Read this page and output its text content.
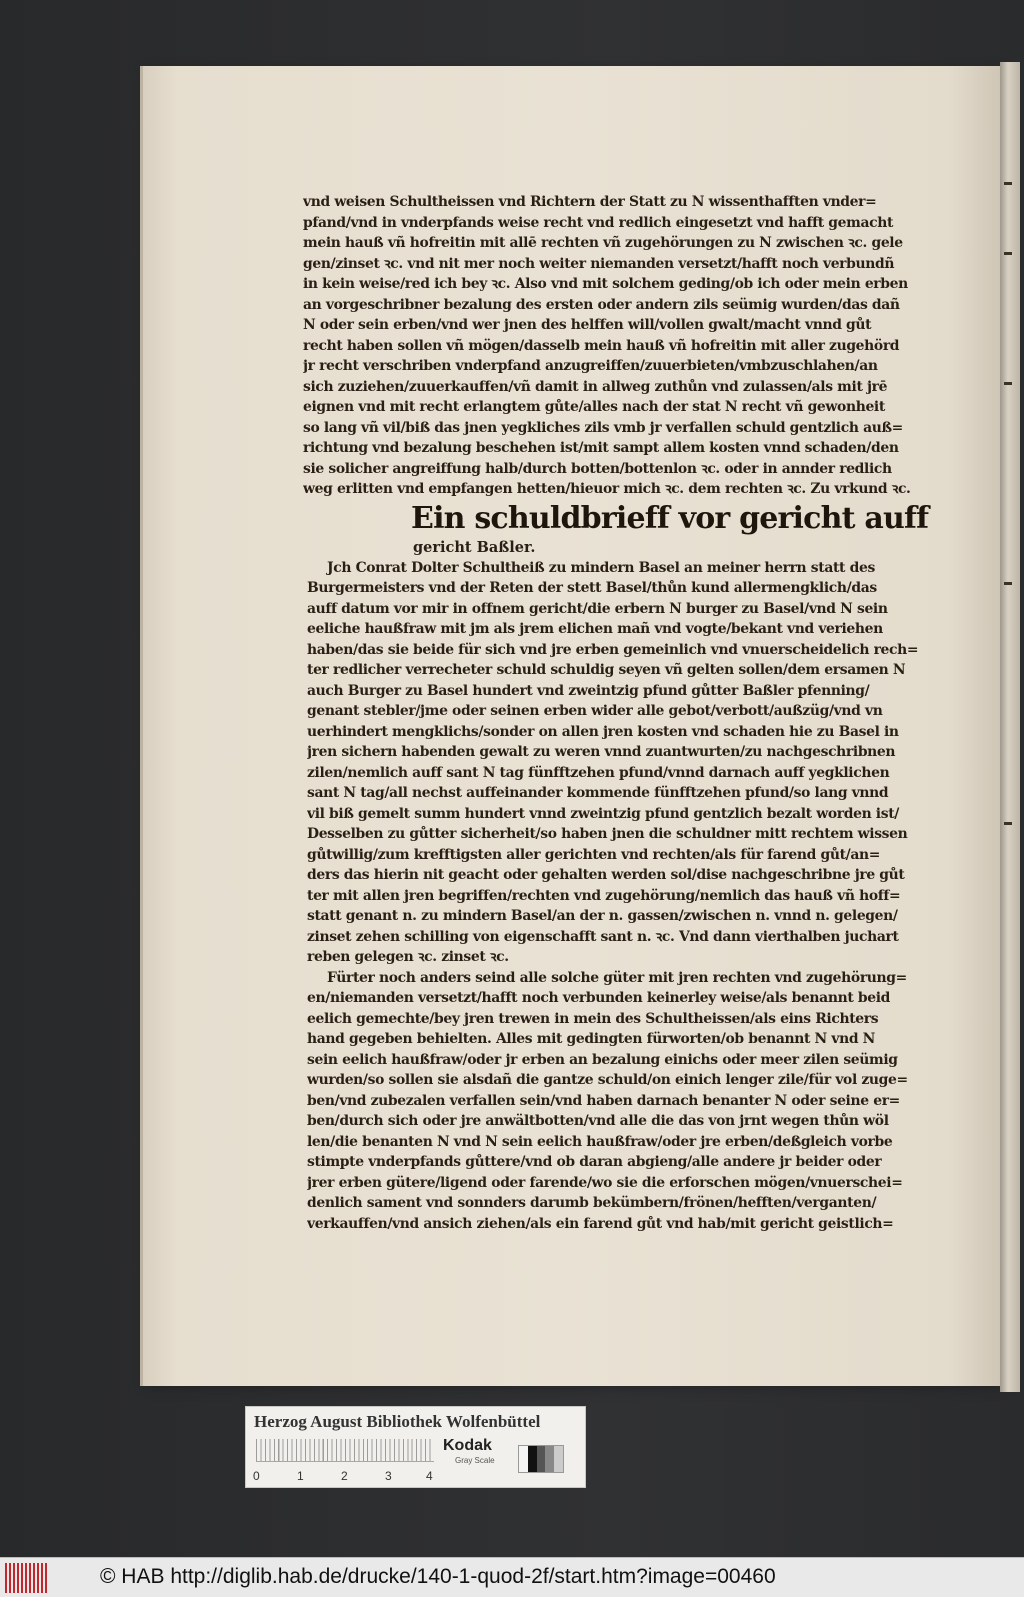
vnd weisen Schultheissen vnd Richtern der Statt zu N wissenthafften vnder=
pfand/vnd in vnderpfands weise recht vnd redlich eingesetzt vnd hafft gemacht
mein hauß vñ hofreitin mit allē rechten vñ zugehörungen zu N zwischen ꝛc. gele
gen/zinset ꝛc. vnd nit mer noch weiter niemanden versetzt/hafft noch verbundñ
in kein weise/red ich bey ꝛc. Also vnd mit solchem geding/ob ich oder mein erben
an vorgeschribner bezalung des ersten oder andern zils seümig wurden/das dañ
N oder sein erben/vnd wer jnen des helffen will/vollen gwalt/macht vnnd gůt
recht haben sollen vñ mögen/dasselb mein hauß vñ hofreitin mit aller zugehörd
jr recht verschriben vnderpfand anzugreiffen/zuuerbieten/vmbzuschlahen/an
sich zuziehen/zuuerkauffen/vñ damit in allweg zuthůn vnd zulassen/als mit jrē
eignen vnd mit recht erlangtem gůte/alles nach der stat N recht vñ gewonheit
so lang vñ vil/biß das jnen yegkliches zils vmb jr verfallen schuld gentzlich auß=
richtung vnd bezalung beschehen ist/mit sampt allem kosten vnnd schaden/den
sie solicher angreiffung halb/durch botten/bottenlon ꝛc. oder in annder redlich
weg erlitten vnd empfangen hetten/hieuor mich ꝛc. dem rechten ꝛc. Zu vrkund ꝛc.
Ein schuldbrieff vor gericht auff
gericht Baßler.
Jch Conrat Dolter Schultheiß zu mindern Basel an meiner herrn statt des
Burgermeisters vnd der Reten der stett Basel/thůn kund allermengklich/das
auff datum vor mir in offnem gericht/die erbern N burger zu Basel/vnd N sein
eeliche haußfraw mit jm als jrem elichen mañ vnd vogte/bekant vnd veriehen
haben/das sie beide für sich vnd jre erben gemeinlich vnd vnuerscheidelich rech=
ter redlicher verrecheter schuld schuldig seyen vñ gelten sollen/dem ersamen N
auch Burger zu Basel hundert vnd zweintzig pfund gůtter Baßler pfenning/
genant stebler/jme oder seinen erben wider alle gebot/verbott/außzüg/vnd vn
uerhindert mengklichs/sonder on allen jren kosten vnd schaden hie zu Basel in
jren sichern habenden gewalt zu weren vnnd zuantwurten/zu nachgeschribnen
zilen/nemlich auff sant N tag fünfftzehen pfund/vnnd darnach auff yegklichen
sant N tag/all nechst auffeinander kommende fünfftzehen pfund/so lang vnnd
vil biß gemelt summ hundert vnnd zweintzig pfund gentzlich bezalt worden ist/
Desselben zu gůtter sicherheit/so haben jnen die schuldner mitt rechtem wissen
gůtwillig/zum krefftigsten aller gerichten vnd rechten/als für farend gůt/an=
ders das hierin nit geacht oder gehalten werden sol/dise nachgeschribne jre gůt
ter mit allen jren begriffen/rechten vnd zugehörung/nemlich das hauß vñ hoff=
statt genant n. zu mindern Basel/an der n. gassen/zwischen n. vnnd n. gelegen/
zinset zehen schilling von eigenschafft sant n. ꝛc. Vnd dann vierthalben juchart
reben gelegen ꝛc. zinset ꝛc.
Fürter noch anders seind alle solche güter mit jren rechten vnd zugehörung=
en/niemanden versetzt/hafft noch verbunden keinerley weise/als benannt beid
eelich gemechte/bey jren trewen in mein des Schultheissen/als eins Richters
hand gegeben behielten. Alles mit gedingten fürworten/ob benannt N vnd N
sein eelich haußfraw/oder jr erben an bezalung einichs oder meer zilen seümig
wurden/so sollen sie alsdañ die gantze schuld/on einich lenger zile/für vol zuge=
ben/vnd zubezalen verfallen sein/vnd haben darnach benanter N oder seine er=
ben/durch sich oder jre anwältbotten/vnd alle die das von jrnt wegen thůn wöl
len/die benanten N vnd N sein eelich haußfraw/oder jre erben/deßgleich vorbe
stimpte vnderpfands gůttere/vnd ob daran abgieng/alle andere jr beider oder
jrer erben gütere/ligend oder farende/wo sie die erforschen mögen/vnuerschei=
denlich sament vnd sonnders darumb bekümbern/frönen/hefften/verganten/
verkauffen/vnd ansich ziehen/als ein farend gůt vnd hab/mit gericht geistlich=
Herzog August Bibliothek Wolfenbüttel
0	1	2	3	4
Kodak
Gray Scale
© HAB http://diglib.hab.de/drucke/140-1-quod-2f/start.htm?image=00460
